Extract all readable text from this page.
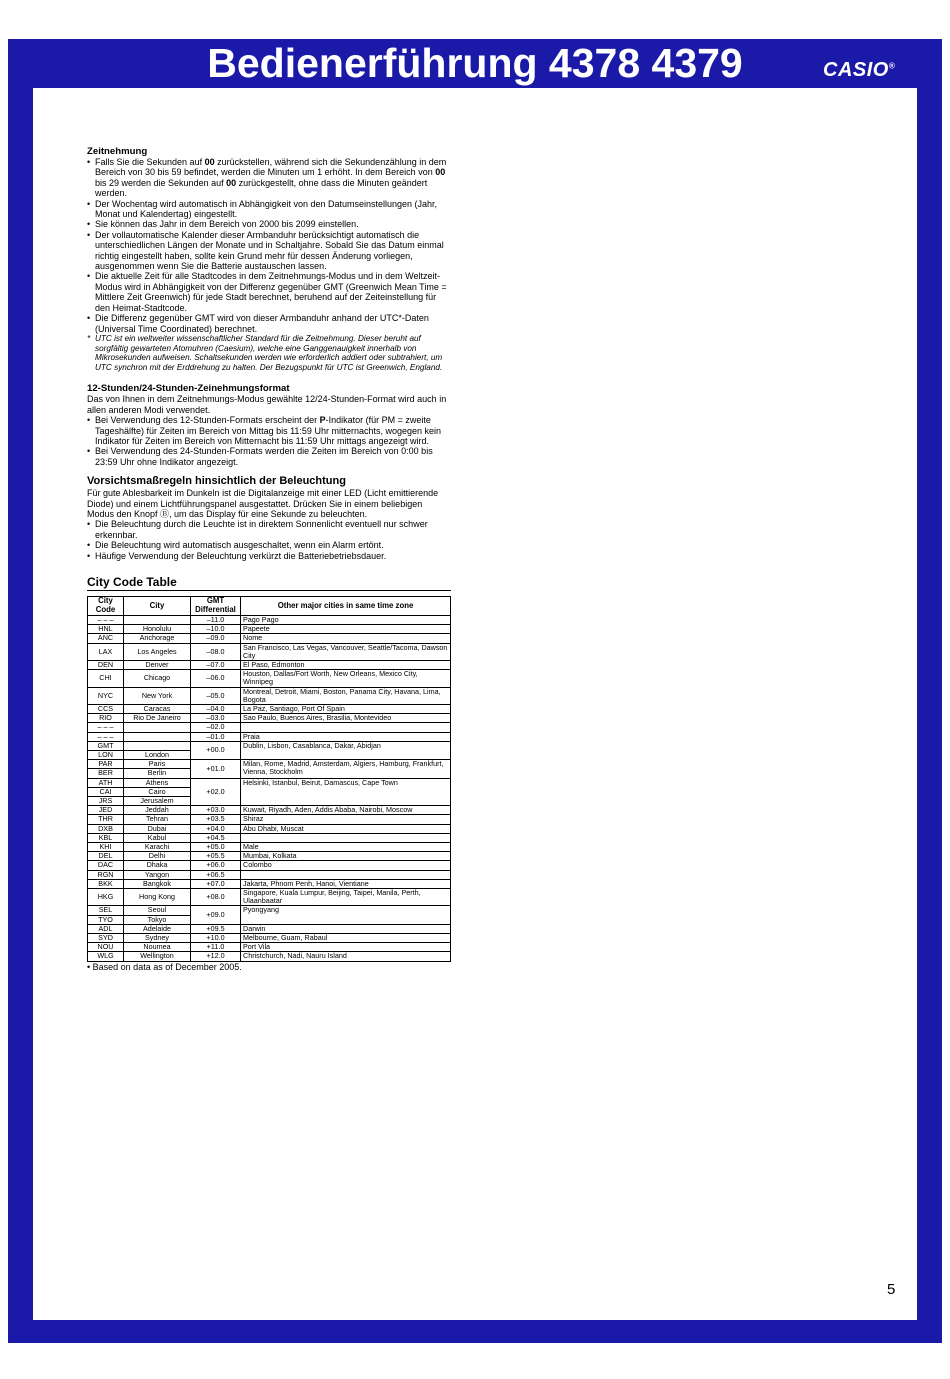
Bedienerführung 4378 4379	CASIO®
Zeitnehmung
• Falls Sie die Sekunden auf 00 zurückstellen, während sich die Sekundenzählung in dem Bereich von 30 bis 59 befindet, werden die Minuten um 1 erhöht. In dem Bereich von 00 bis 29 werden die Sekunden auf 00 zurückgestellt, ohne dass die Minuten geändert werden.
• Der Wochentag wird automatisch in Abhängigkeit von den Datumseinstellungen (Jahr, Monat und Kalendertag) eingestellt.
• Sie können das Jahr in dem Bereich von 2000 bis 2099 einstellen.
• Der vollautomatische Kalender dieser Armbanduhr berücksichtigt automatisch die unterschiedlichen Längen der Monate und in Schaltjahre. Sobald Sie das Datum einmal richtig eingestellt haben, sollte kein Grund mehr für dessen Änderung vorliegen, ausgenommen wenn Sie die Batterie austauschen lassen.
• Die aktuelle Zeit für alle Stadtcodes in dem Zeitnehmungs-Modus und in dem Weltzeit-Modus wird in Abhängigkeit von der Differenz gegenüber GMT (Greenwich Mean Time = Mittlere Zeit Greenwich) für jede Stadt berechnet, beruhend auf der Zeiteinstellung für den Heimat-Stadtcode.
• Die Differenz gegenüber GMT wird von dieser Armbanduhr anhand der UTC*-Daten (Universal Time Coordinated) berechnet.

* UTC ist ein weltweiter wissenschaftlicher Standard für die Zeitnehmung. Dieser beruht auf sorgfältig gewarteten Atomuhren (Caesium), welche eine Ganggenauigkeit innerhalb von Mikrosekunden aufweisen. Schaltsekunden werden wie erforderlich addiert oder subtrahiert, um UTC synchron mit der Erddrehung zu halten. Der Bezugspunkt für UTC ist Greenwich, England.

12-Stunden/24-Stunden-Zeinehmungsformat

Das von Ihnen in dem Zeitnehmungs-Modus gewählte 12/24-Stunden-Format wird auch in allen anderen Modi verwendet.

• Bei Verwendung des 12-Stunden-Formats erscheint der P-Indikator (für PM = zweite Tageshälfte) für Zeiten im Bereich von Mittag bis 11:59 Uhr mitternachts, wogegen kein Indikator für Zeiten im Bereich von Mitternacht bis 11:59 Uhr mittags angezeigt wird.
• Bei Verwendung des 24-Stunden-Formats werden die Zeiten im Bereich von 0:00 bis 23:59 Uhr ohne Indikator angezeigt.
Vorsichtsmaßregeln hinsichtlich der Beleuchtung

Für gute Ablesbarkeit im Dunkeln ist die Digitalanzeige mit einer LED (Licht emittierende Diode) und einem Lichtführungspanel ausgestattet. Drücken Sie in einem beliebigen Modus den Knopf Ⓑ, um das Display für eine Sekunde zu beleuchten.

• Die Beleuchtung durch die Leuchte ist in direktem Sonnenlicht eventuell nur schwer erkennbar.
• Die Beleuchtung wird automatisch ausgeschaltet, wenn ein Alarm ertönt.
• Häufige Verwendung der Beleuchtung verkürzt die Batteriebetriebsdauer.
City Code Table
City Code	City	GMT Differential	Other major cities in same time zone
– – –		–11.0	Pago Pago
HNL	Honolulu	–10.0	Papeete
ANC	Anchorage	–09.0	Nome
LAX	Los Angeles	–08.0	San Francisco, Las Vegas, Vancouver, Seattle/Tacoma, Dawson City
DEN	Denver	–07.0	El Paso, Edmonton
CHI	Chicago	–06.0	Houston, Dallas/Fort Worth, New Orleans, Mexico City, Winnipeg
NYC	New York	–05.0	Montreal, Detroit, Miami, Boston, Panama City, Havana, Lima, Bogota
CCS	Caracas	–04.0	La Paz, Santiago, Port Of Spain
RIO	Rio De Janeiro	–03.0	Sao Paulo, Buenos Aires, Brasilia, Montevideo
– – –		–02.0	
– – –		–01.0	Praia
GMT		+00.0	Dublin, Lisbon, Casablanca, Dakar, Abidjan
LON	London		
PAR	Paris	+01.0	Milan, Rome, Madrid, Amsterdam, Algiers, Hamburg, Frankfurt, Vienna, Stockholm
BER	Berlin		
ATH	Athens	+02.0	Helsinki, Istanbul, Beirut, Damascus, Cape Town
CAI	Cairo		
JRS	Jerusalem		
JED	Jeddah	+03.0	Kuwait, Riyadh, Aden, Addis Ababa, Nairobi, Moscow
THR	Tehran	+03.5	Shiraz
DXB	Dubai	+04.0	Abu Dhabi, Muscat
KBL	Kabul	+04.5	
KHI	Karachi	+05.0	Male
DEL	Delhi	+05.5	Mumbai, Kolkata
DAC	Dhaka	+06.0	Colombo
RGN	Yangon	+06.5	
BKK	Bangkok	+07.0	Jakarta, Phnom Penh, Hanoi, Vientiane
HKG	Hong Kong	+08.0	Singapore, Kuala Lumpur, Beijing, Taipei, Manila, Perth, Ulaanbaatar
SEL	Seoul	+09.0	Pyongyang
TYO	Tokyo		
ADL	Adelaide	+09.5	Darwin
SYD	Sydney	+10.0	Melbourne, Guam, Rabaul
NOU	Noumea	+11.0	Port Vila
WLG	Wellington	+12.0	Christchurch, Nadi, Nauru Island

• Based on data as of December 2005.

5
